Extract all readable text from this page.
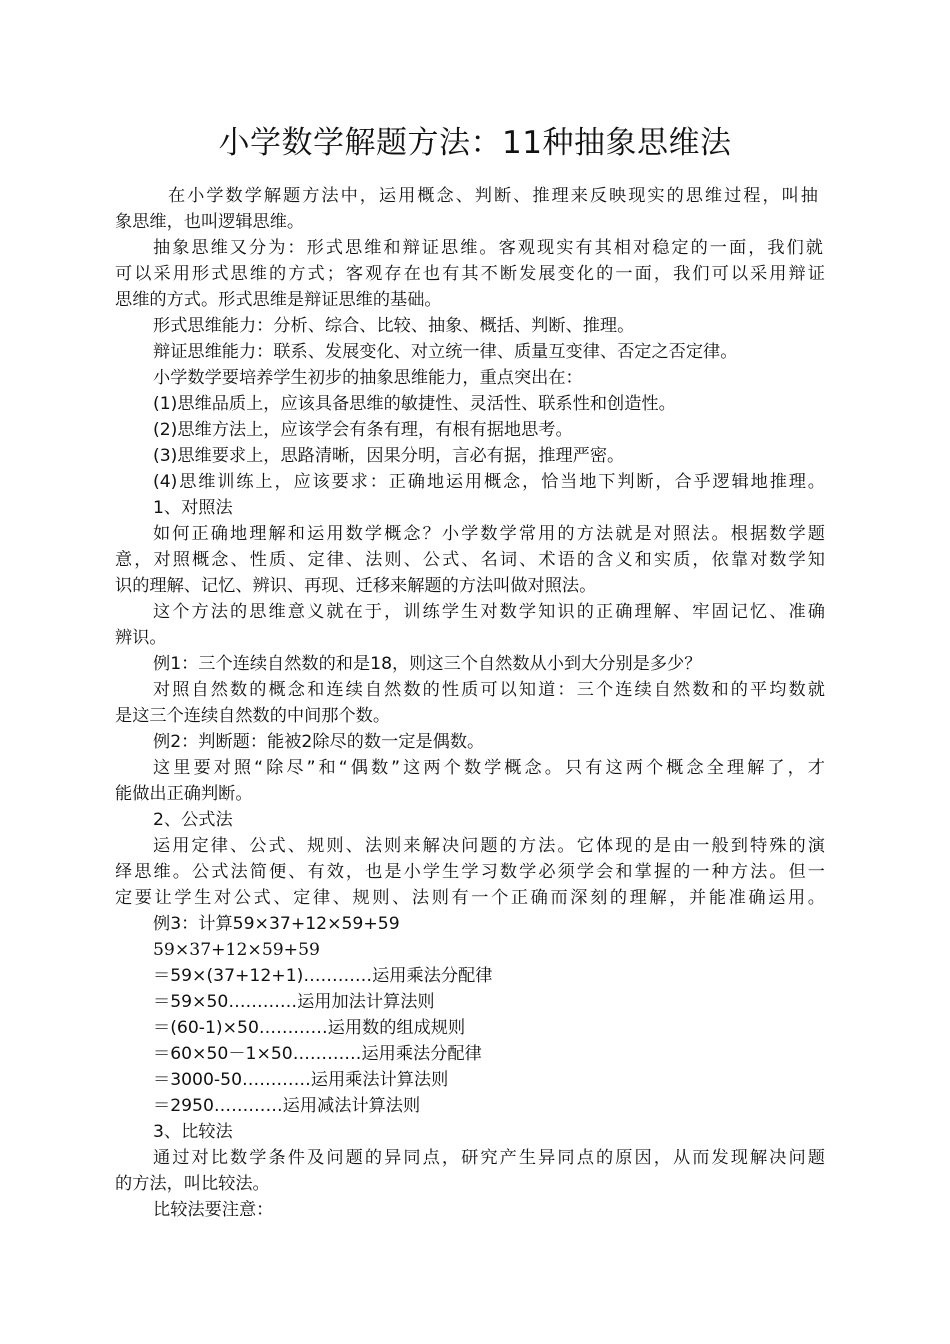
小学数学解题方法：11种抽象思维法
在小学数学解题方法中，运用概念、判断、推理来反映现实的思维过程，叫抽
象思维，也叫逻辑思维。
抽象思维又分为：形式思维和辩证思维。客观现实有其相对稳定的一面，我们就
可以采用形式思维的方式；客观存在也有其不断发展变化的一面，我们可以采用辩证
思维的方式。形式思维是辩证思维的基础。
形式思维能力：分析、综合、比较、抽象、概括、判断、推理。
辩证思维能力：联系、发展变化、对立统一律、质量互变律、否定之否定律。
小学数学要培养学生初步的抽象思维能力，重点突出在：
(1)思维品质上，应该具备思维的敏捷性、灵活性、联系性和创造性。
(2)思维方法上，应该学会有条有理，有根有据地思考。
(3)思维要求上，思路清晰，因果分明，言必有据，推理严密。
(4)思维训练上，应该要求：正确地运用概念，恰当地下判断，合乎逻辑地推理。
1、对照法
如何正确地理解和运用数学概念？小学数学常用的方法就是对照法。根据数学题
意，对照概念、性质、定律、法则、公式、名词、术语的含义和实质，依靠对数学知
识的理解、记忆、辨识、再现、迁移来解题的方法叫做对照法。
这个方法的思维意义就在于，训练学生对数学知识的正确理解、牢固记忆、准确
辨识。
例1：三个连续自然数的和是18，则这三个自然数从小到大分别是多少？
对照自然数的概念和连续自然数的性质可以知道：三个连续自然数和的平均数就
是这三个连续自然数的中间那个数。
例2：判断题：能被2除尽的数一定是偶数。
这里要对照“除尽”和“偶数”这两个数学概念。只有这两个概念全理解了，才
能做出正确判断。
2、公式法
运用定律、公式、规则、法则来解决问题的方法。它体现的是由一般到特殊的演
绎思维。公式法简便、有效，也是小学生学习数学必须学会和掌握的一种方法。但一
定要让学生对公式、定律、规则、法则有一个正确而深刻的理解，并能准确运用。
例3：计算59×37+12×59+59
59×37+12×59+59
＝59×(37+12+1)…………运用乘法分配律
＝59×50…………运用加法计算法则
＝(60-1)×50…………运用数的组成规则
＝60×50－1×50…………运用乘法分配律
＝3000-50…………运用乘法计算法则
＝2950…………运用减法计算法则
3、比较法
通过对比数学条件及问题的异同点，研究产生异同点的原因，从而发现解决问题
的方法，叫比较法。
比较法要注意：
